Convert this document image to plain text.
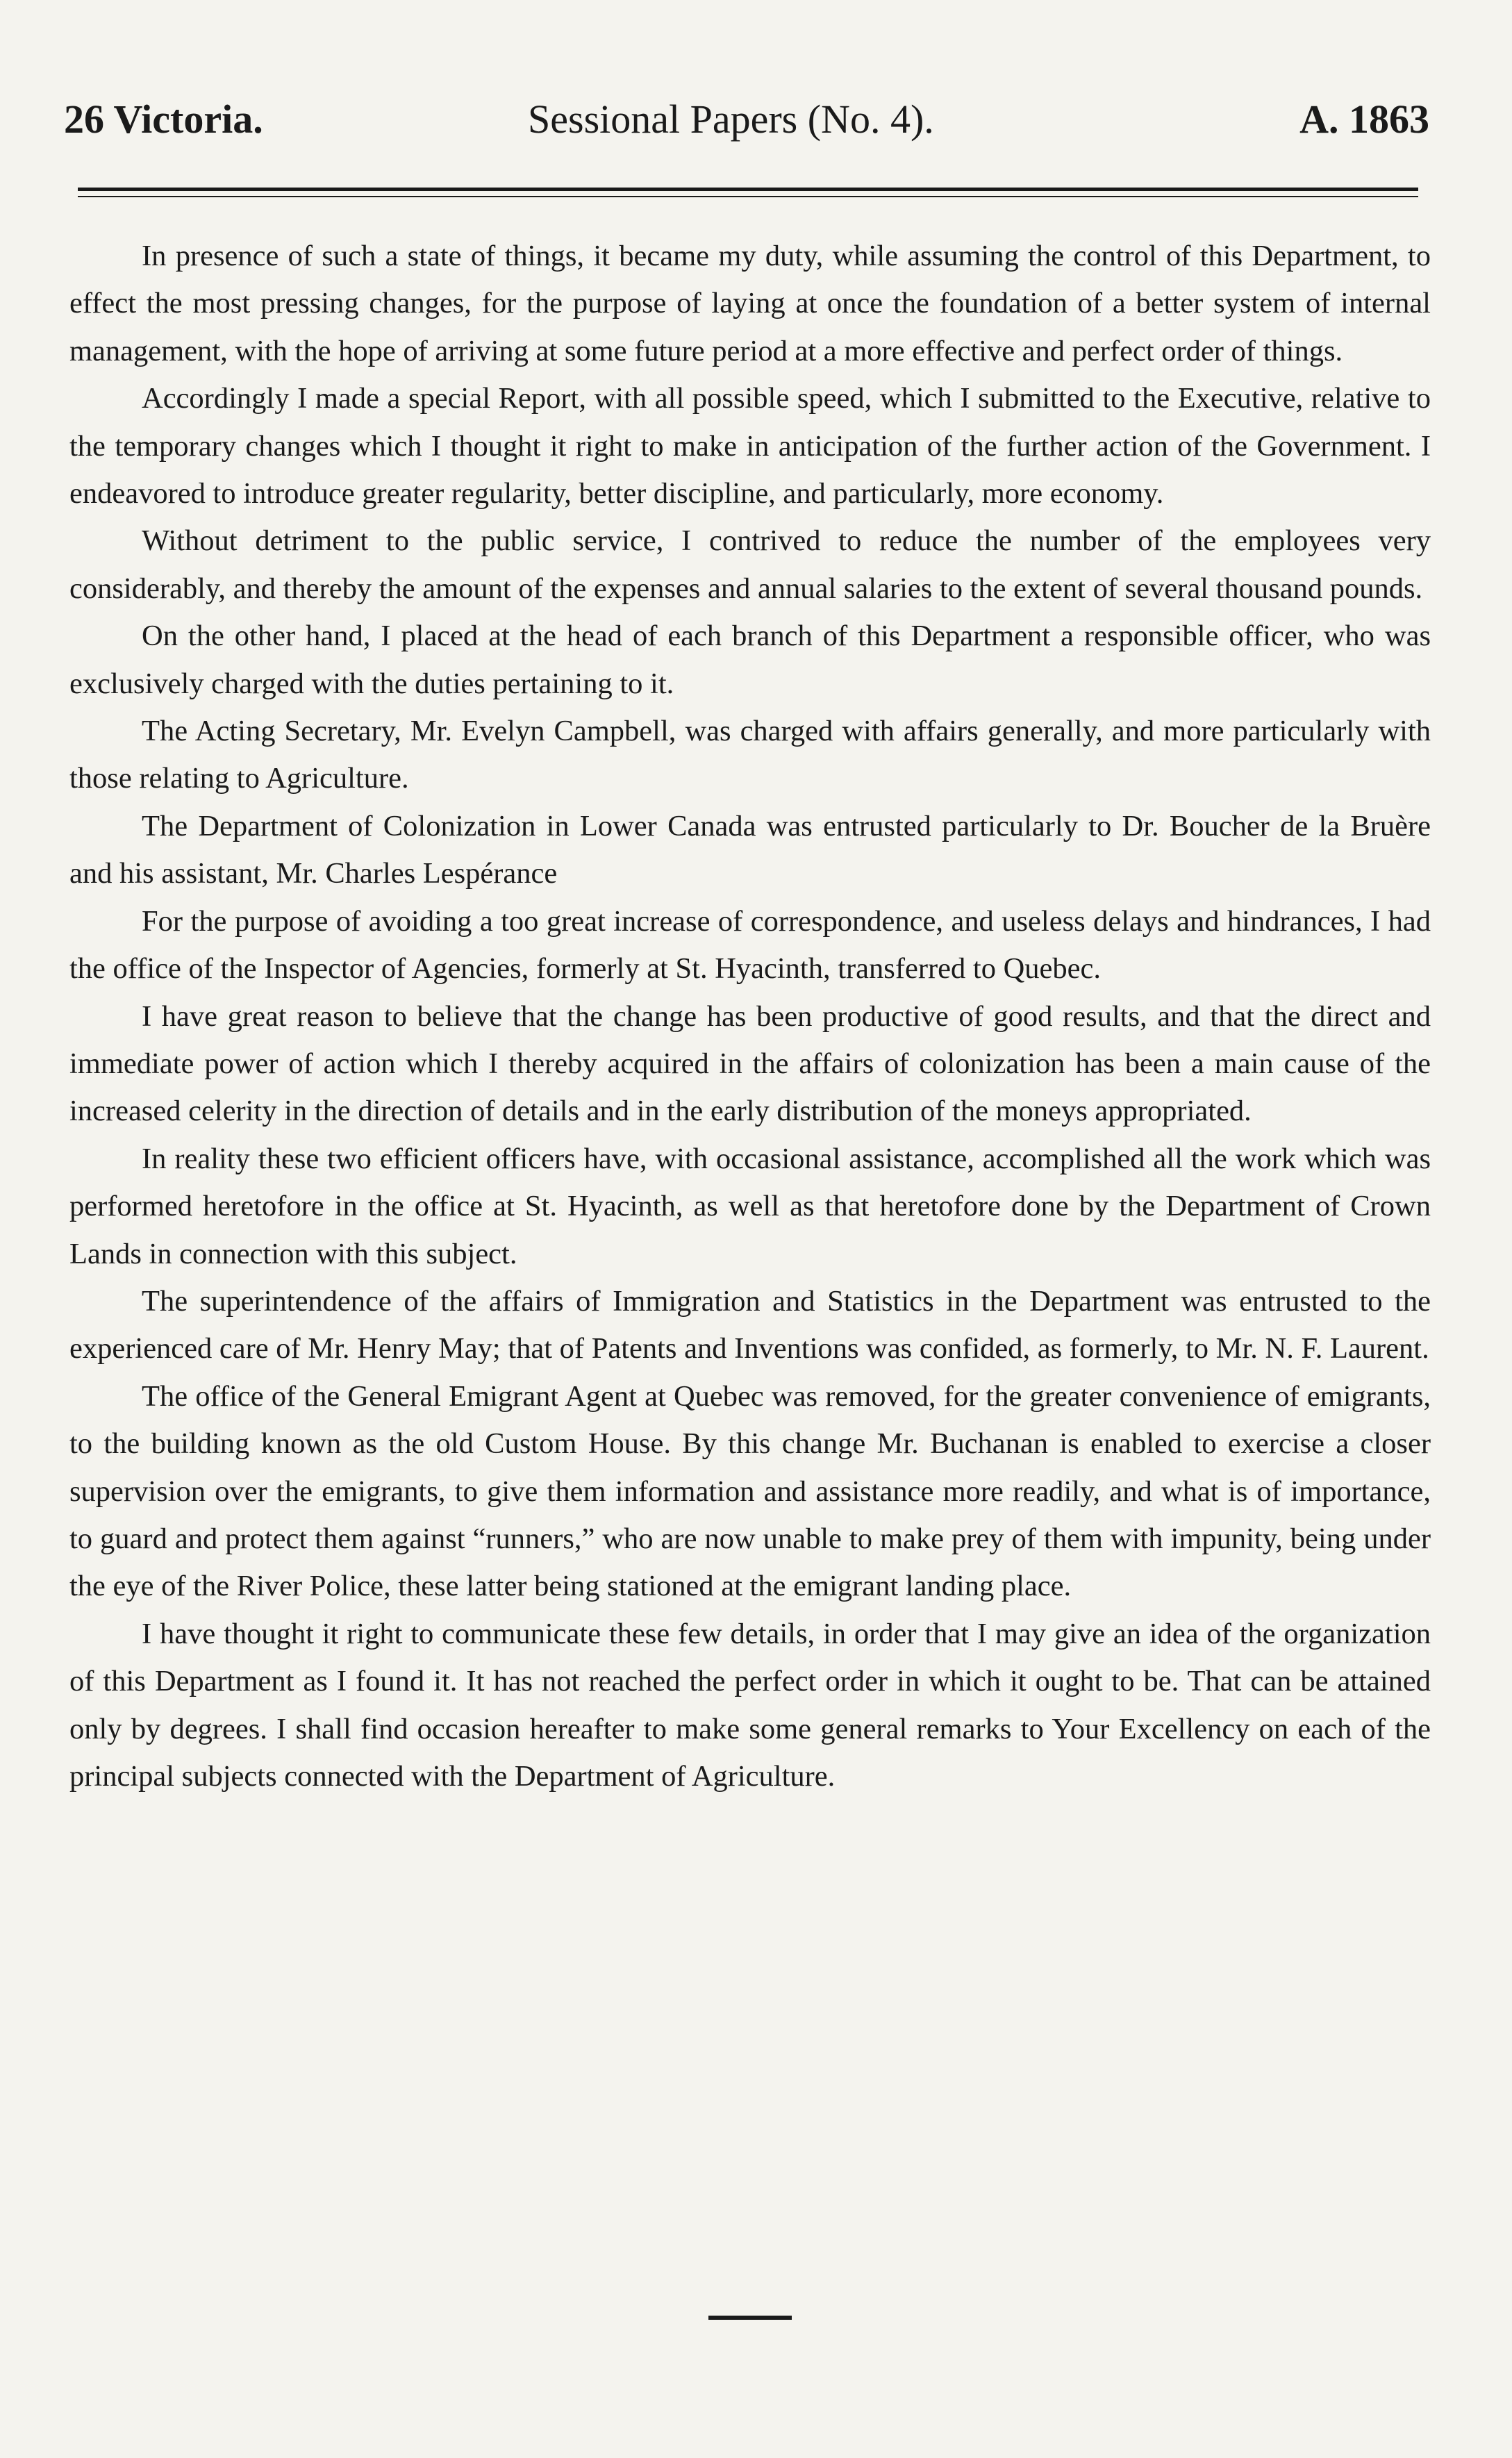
26 Victoria.	Sessional Papers (No. 4).	A. 1863

In presence of such a state of things, it became my duty, while assuming the control of this Department, to effect the most pressing changes, for the purpose of laying at once the foundation of a better system of internal management, with the hope of arriving at some future period at a more effective and perfect order of things.

Accordingly I made a special Report, with all possible speed, which I submitted to the Executive, relative to the temporary changes which I thought it right to make in anticipation of the further action of the Government. I endeavored to introduce greater regularity, better discipline, and particularly, more economy.

Without detriment to the public service, I contrived to reduce the number of the employees very considerably, and thereby the amount of the expenses and annual salaries to the extent of several thousand pounds.

On the other hand, I placed at the head of each branch of this Department a responsible officer, who was exclusively charged with the duties pertaining to it.

The Acting Secretary, Mr. Evelyn Campbell, was charged with affairs generally, and more particularly with those relating to Agriculture.

The Department of Colonization in Lower Canada was entrusted particularly to Dr. Boucher de la Bruère and his assistant, Mr. Charles Lespérance

For the purpose of avoiding a too great increase of correspondence, and useless delays and hindrances, I had the office of the Inspector of Agencies, formerly at St. Hyacinth, transferred to Quebec.

I have great reason to believe that the change has been productive of good results, and that the direct and immediate power of action which I thereby acquired in the affairs of colonization has been a main cause of the increased celerity in the direction of details and in the early distribution of the moneys appropriated.

In reality these two efficient officers have, with occasional assistance, accomplished all the work which was performed heretofore in the office at St. Hyacinth, as well as that heretofore done by the Department of Crown Lands in connection with this subject.

The superintendence of the affairs of Immigration and Statistics in the Department was entrusted to the experienced care of Mr. Henry May; that of Patents and Inventions was confided, as formerly, to Mr. N. F. Laurent.

The office of the General Emigrant Agent at Quebec was removed, for the greater convenience of emigrants, to the building known as the old Custom House. By this change Mr. Buchanan is enabled to exercise a closer supervision over the emigrants, to give them information and assistance more readily, and what is of importance, to guard and protect them against “runners,” who are now unable to make prey of them with impunity, being under the eye of the River Police, these latter being stationed at the emigrant landing place.

I have thought it right to communicate these few details, in order that I may give an idea of the organization of this Department as I found it. It has not reached the perfect order in which it ought to be. That can be attained only by degrees. I shall find occasion hereafter to make some general remarks to Your Excellency on each of the principal subjects connected with the Department of Agriculture.
